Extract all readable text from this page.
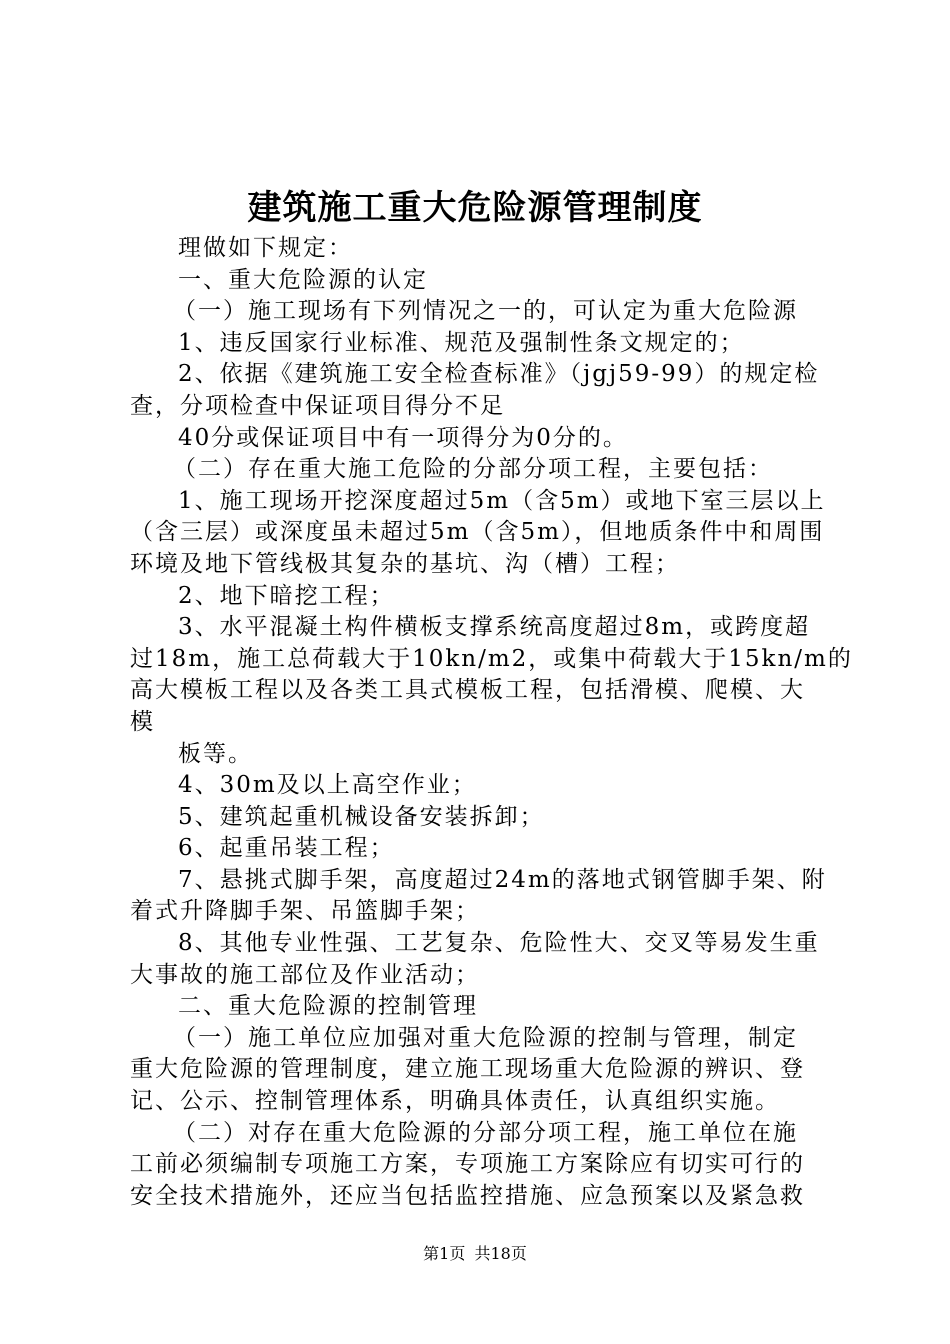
建筑施工重大危险源管理制度
理做如下规定：
一、重大危险源的认定
（一）施工现场有下列情况之一的，可认定为重大危险源
1、违反国家行业标准、规范及强制性条文规定的；
2、依据《建筑施工安全检查标准》（jgj59-99）的规定检
查，分项检查中保证项目得分不足
40分或保证项目中有一项得分为0分的。
（二）存在重大施工危险的分部分项工程，主要包括：
1、施工现场开挖深度超过5m（含5m）或地下室三层以上
（含三层）或深度虽未超过5m（含5m），但地质条件中和周围
环境及地下管线极其复杂的基坑、沟（槽）工程；
2、地下暗挖工程；
3、水平混凝土构件横板支撑系统高度超过8m，或跨度超
过18m，施工总荷载大于10kn/m2，或集中荷载大于15kn/m的
高大模板工程以及各类工具式模板工程，包括滑模、爬模、大
模
板等。
4、30m及以上高空作业；
5、建筑起重机械设备安装拆卸；
6、起重吊装工程；
7、悬挑式脚手架，高度超过24m的落地式钢管脚手架、附
着式升降脚手架、吊篮脚手架；
8、其他专业性强、工艺复杂、危险性大、交叉等易发生重
大事故的施工部位及作业活动；
二、重大危险源的控制管理
（一）施工单位应加强对重大危险源的控制与管理，制定
重大危险源的管理制度，建立施工现场重大危险源的辨识、登
记、公示、控制管理体系，明确具体责任，认真组织实施。
（二）对存在重大危险源的分部分项工程，施工单位在施
工前必须编制专项施工方案，专项施工方案除应有切实可行的
安全技术措施外，还应当包括监控措施、应急预案以及紧急救
第1页 共18页
